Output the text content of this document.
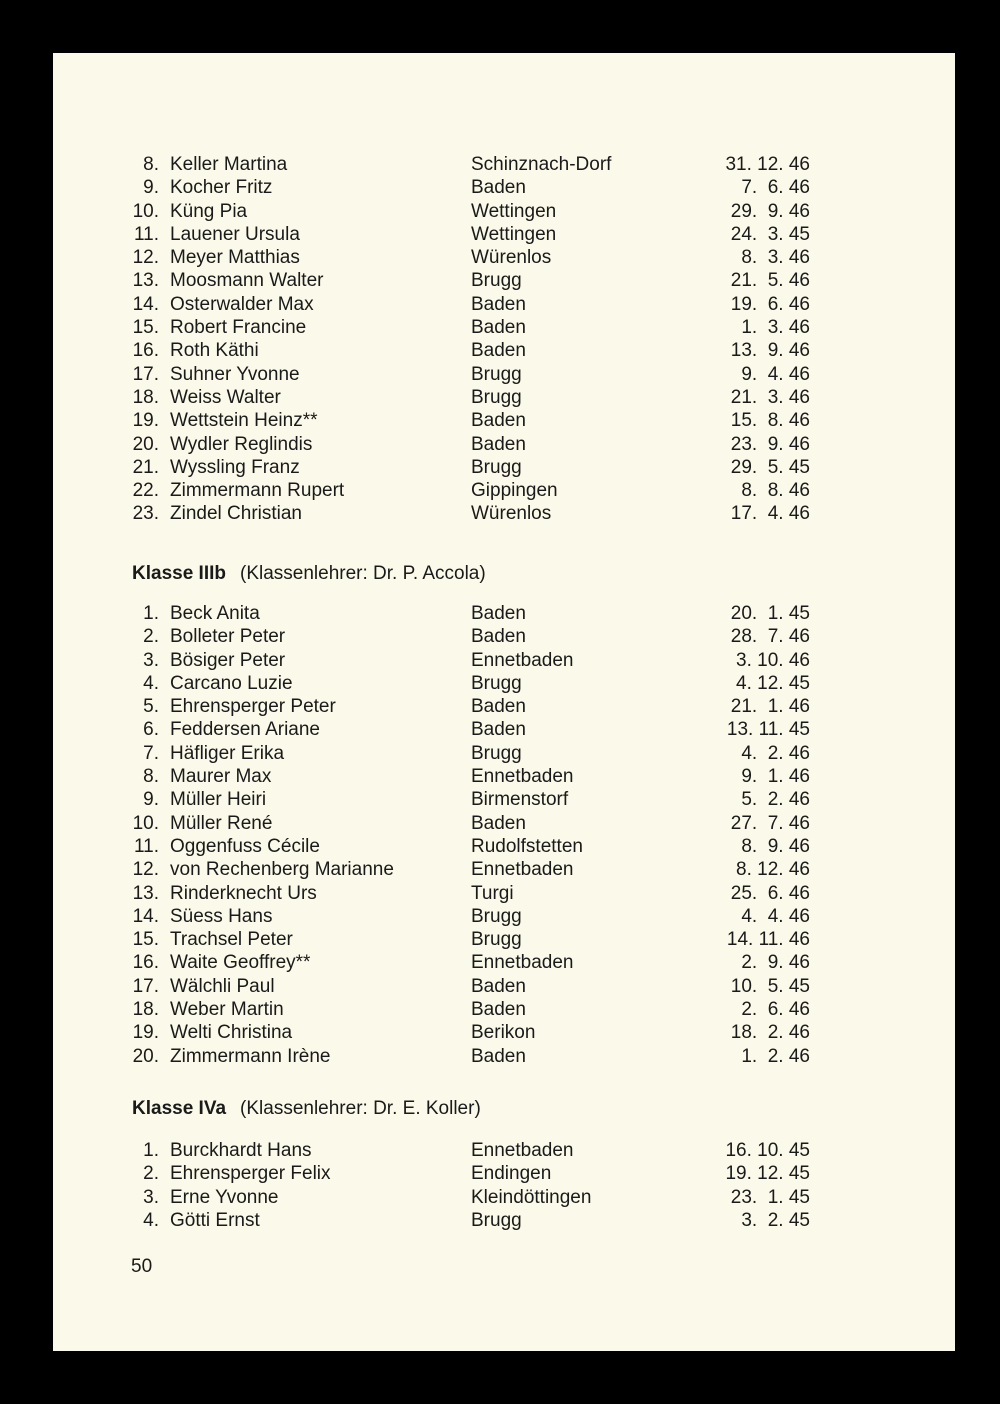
8. Keller Martina	Schinznach-Dorf	31. 12. 46
9. Kocher Fritz	Baden	7.  6. 46
10. Küng Pia	Wettingen	29.  9. 46
11. Lauener Ursula	Wettingen	24.  3. 45
12. Meyer Matthias	Würenlos	8.  3. 46
13. Moosmann Walter	Brugg	21.  5. 46
14. Osterwalder Max	Baden	19.  6. 46
15. Robert Francine	Baden	1.  3. 46
16. Roth Käthi	Baden	13.  9. 46
17. Suhner Yvonne	Brugg	9.  4. 46
18. Weiss Walter	Brugg	21.  3. 46
19. Wettstein Heinz**	Baden	15.  8. 46
20. Wydler Reglindis	Baden	23.  9. 46
21. Wyssling Franz	Brugg	29.  5. 45
22. Zimmermann Rupert	Gippingen	8.  8. 46
23. Zindel Christian	Würenlos	17.  4. 46
Klasse IIIb (Klassenlehrer: Dr. P. Accola)
1. Beck Anita	Baden	20.  1. 45
2. Bolleter Peter	Baden	28.  7. 46
3. Bösiger Peter	Ennetbaden	3. 10. 46
4. Carcano Luzie	Brugg	4. 12. 45
5. Ehrensperger Peter	Baden	21.  1. 46
6. Feddersen Ariane	Baden	13. 11. 45
7. Häfliger Erika	Brugg	4.  2. 46
8. Maurer Max	Ennetbaden	9.  1. 46
9. Müller Heiri	Birmenstorf	5.  2. 46
10. Müller René	Baden	27.  7. 46
11. Oggenfuss Cécile	Rudolfstetten	8.  9. 46
12. von Rechenberg Marianne	Ennetbaden	8. 12. 46
13. Rinderknecht Urs	Turgi	25.  6. 46
14. Süess Hans	Brugg	4.  4. 46
15. Trachsel Peter	Brugg	14. 11. 46
16. Waite Geoffrey**	Ennetbaden	2.  9. 46
17. Wälchli Paul	Baden	10.  5. 45
18. Weber Martin	Baden	2.  6. 46
19. Welti Christina	Berikon	18.  2. 46
20. Zimmermann Irène	Baden	1.  2. 46
Klasse IVa (Klassenlehrer: Dr. E. Koller)
1. Burckhardt Hans	Ennetbaden	16. 10. 45
2. Ehrensperger Felix	Endingen	19. 12. 45
3. Erne Yvonne	Kleindöttingen	23.  1. 45
4. Götti Ernst	Brugg	3.  2. 45
50
